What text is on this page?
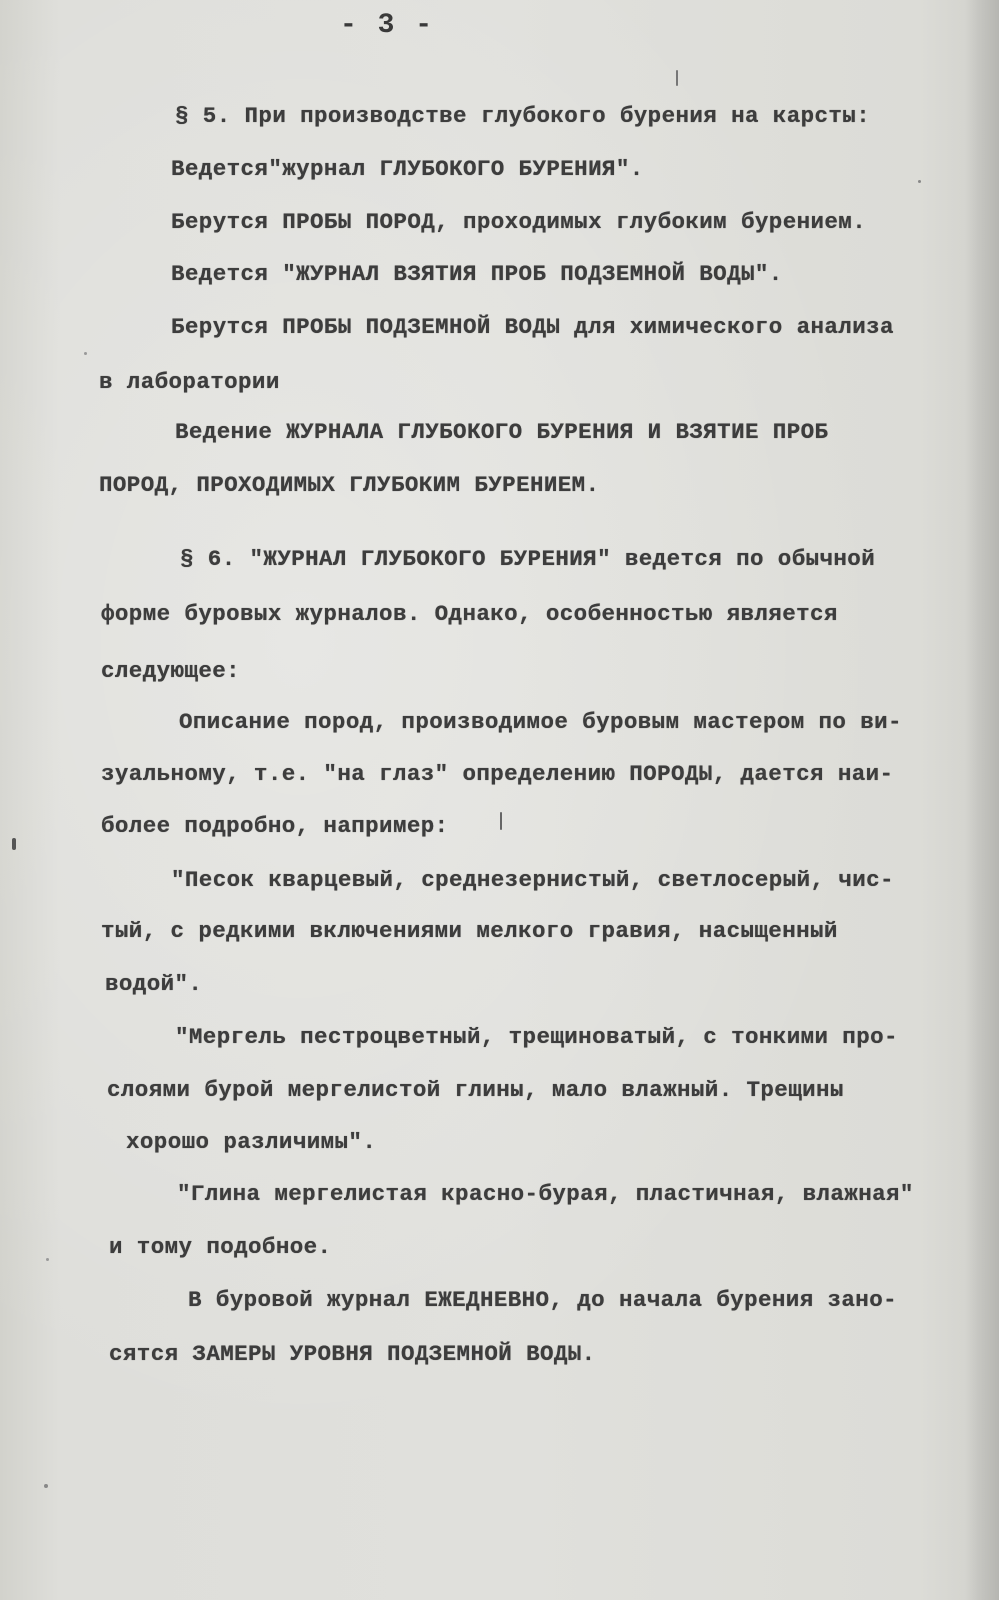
- 3 -

§ 5. При производстве глубокого бурения на карсты:

Ведется"журнал ГЛУБОКОГО БУРЕНИЯ".

Берутся ПРОБЫ ПОРОД, проходимых глубоким бурением.

Ведется "ЖУРНАЛ ВЗЯТИЯ ПРОБ ПОДЗЕМНОЙ ВОДЫ".

Берутся ПРОБЫ ПОДЗЕМНОЙ ВОДЫ для химического анализа

в лаборатории

Ведение ЖУРНАЛА ГЛУБОКОГО БУРЕНИЯ И ВЗЯТИЕ ПРОБ

ПОРОД, ПРОХОДИМЫХ ГЛУБОКИМ БУРЕНИЕМ.

§ 6. "ЖУРНАЛ ГЛУБОКОГО БУРЕНИЯ" ведется по обычной

форме буровых журналов. Однако, особенностью является

следующее:

Описание пород, производимое буровым мастером по ви-

зуальному, т.е. "на глаз" определению ПОРОДЫ, дается наи-

более подробно, например:

"Песок кварцевый, среднезернистый, светлосерый, чис-

тый, с редкими включениями мелкого гравия, насыщенный

водой".

"Мергель пестроцветный, трещиноватый, с тонкими про-

слоями бурой мергелистой глины, мало влажный. Трещины

хорошо различимы".

"Глина мергелистая красно-бурая, пластичная, влажная"

и тому подобное.

В буровой журнал ЕЖЕДНЕВНО, до начала бурения зано-

сятся ЗАМЕРЫ УРОВНЯ ПОДЗЕМНОЙ ВОДЫ.
